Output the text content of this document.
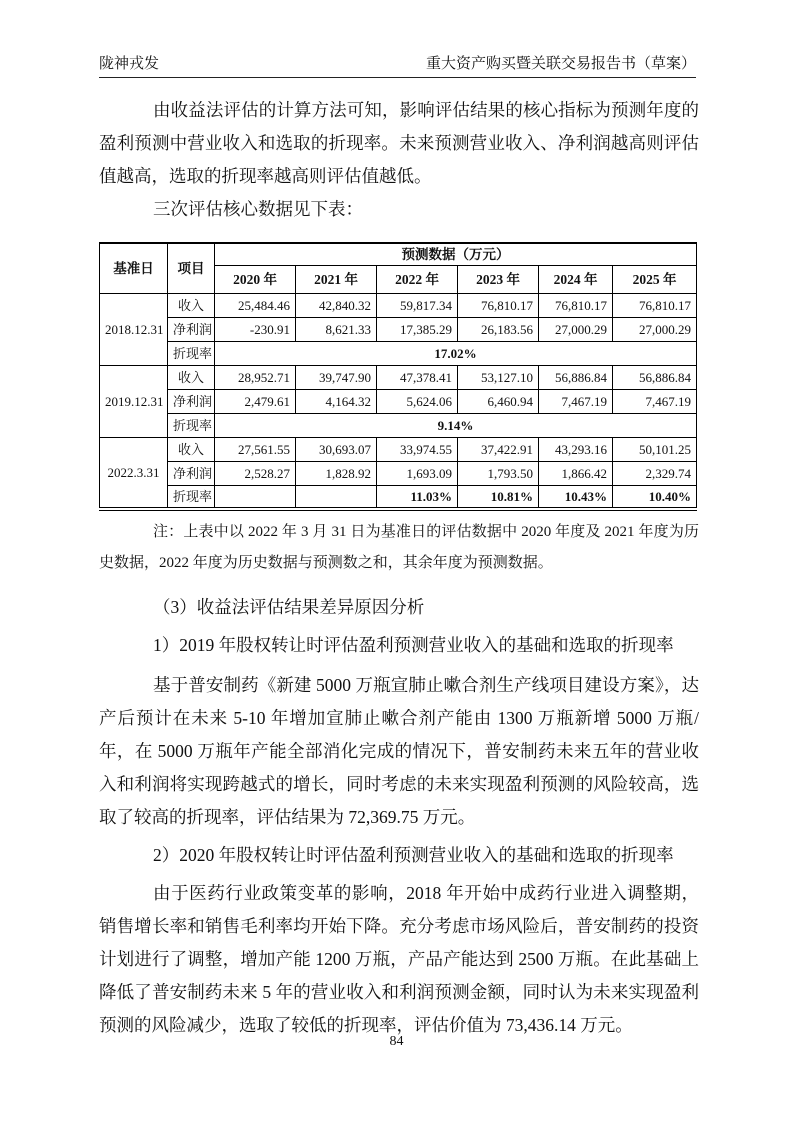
陇神戎发	重大资产购买暨关联交易报告书（草案）

由收益法评估的计算方法可知，影响评估结果的核心指标为预测年度的盈利预测中营业收入和选取的折现率。未来预测营业收入、净利润越高则评估值越高，选取的折现率越高则评估值越低。

三次评估核心数据见下表：

基准日	项目	预测数据（万元）					
		2020 年	2021 年	2022 年	2023 年	2024 年	2025 年
2018.12.31	收入	25,484.46	42,840.32	59,817.34	76,810.17	76,810.17	76,810.17
	净利润	-230.91	8,621.33	17,385.29	26,183.56	27,000.29	27,000.29
	折现率	17.02%					
2019.12.31	收入	28,952.71	39,747.90	47,378.41	53,127.10	56,886.84	56,886.84
	净利润	2,479.61	4,164.32	5,624.06	6,460.94	7,467.19	7,467.19
	折现率	9.14%					
2022.3.31	收入	27,561.55	30,693.07	33,974.55	37,422.91	43,293.16	50,101.25
	净利润	2,528.27	1,828.92	1,693.09	1,793.50	1,866.42	2,329.74
	折现率			11.03%	10.81%	10.43%	10.40%

注：上表中以 2022 年 3 月 31 日为基准日的评估数据中 2020 年度及 2021 年度为历史数据，2022 年度为历史数据与预测数之和，其余年度为预测数据。

（3）收益法评估结果差异原因分析

1）2019 年股权转让时评估盈利预测营业收入的基础和选取的折现率

基于普安制药《新建 5000 万瓶宣肺止嗽合剂生产线项目建设方案》，达产后预计在未来 5-10 年增加宣肺止嗽合剂产能由 1300 万瓶新增 5000 万瓶/年，在 5000 万瓶年产能全部消化完成的情况下，普安制药未来五年的营业收入和利润将实现跨越式的增长，同时考虑的未来实现盈利预测的风险较高，选取了较高的折现率，评估结果为 72,369.75 万元。

2）2020 年股权转让时评估盈利预测营业收入的基础和选取的折现率

由于医药行业政策变革的影响，2018 年开始中成药行业进入调整期，销售增长率和销售毛利率均开始下降。充分考虑市场风险后，普安制药的投资计划进行了调整，增加产能 1200 万瓶，产品产能达到 2500 万瓶。在此基础上降低了普安制药未来 5 年的营业收入和利润预测金额，同时认为未来实现盈利预测的风险减少，选取了较低的折现率，评估价值为 73,436.14 万元。

84
